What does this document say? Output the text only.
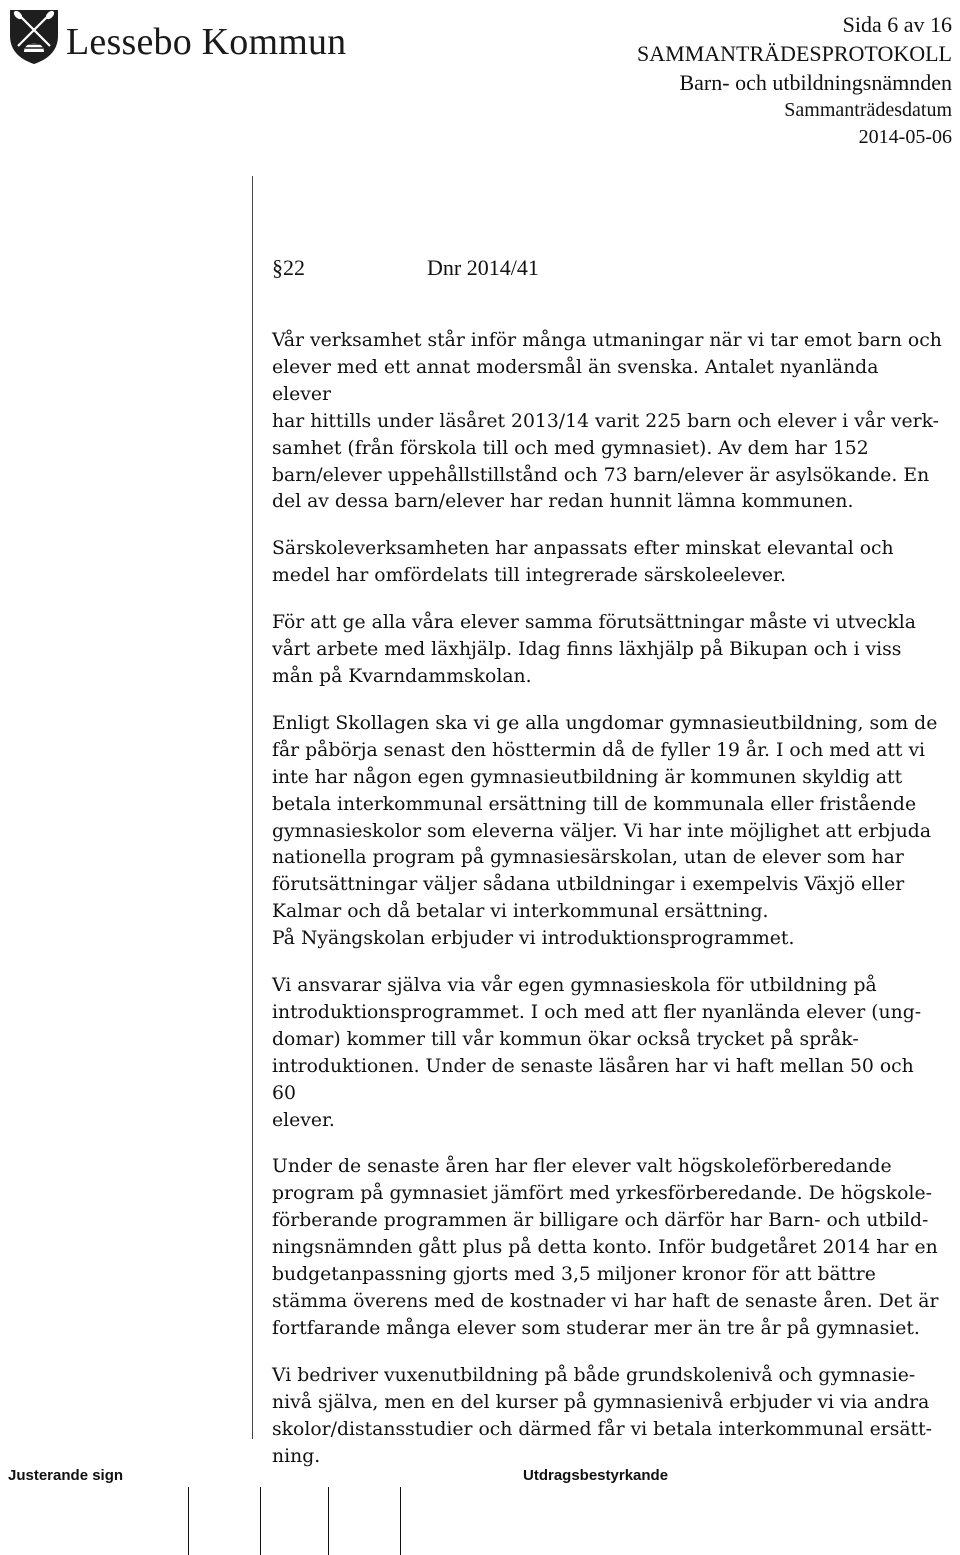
Lessebo Kommun	Sida 6 av 16
SAMMANTRÄDESPROTOKOLL
Barn- och utbildningsnämnden
Sammanträdesdatum
2014-05-06
§22	Dnr 2014/41

Vår verksamhet står inför många utmaningar när vi tar emot barn och
elever med ett annat modersmål än svenska. Antalet nyanlända elever
har hittills under läsåret 2013/14 varit 225 barn och elever i vår verk-
samhet (från förskola till och med gymnasiet). Av dem har 152
barn/elever uppehållstillstånd och 73 barn/elever är asylsökande. En
del av dessa barn/elever har redan hunnit lämna kommunen.

Särskoleverksamheten har anpassats efter minskat elevantal och
medel har omfördelats till integrerade särskoleelever.

För att ge alla våra elever samma förutsättningar måste vi utveckla
vårt arbete med läxhjälp. Idag finns läxhjälp på Bikupan och i viss
mån på Kvarndammskolan.

Enligt Skollagen ska vi ge alla ungdomar gymnasieutbildning, som de
får påbörja senast den hösttermin då de fyller 19 år. I och med att vi
inte har någon egen gymnasieutbildning är kommunen skyldig att
betala interkommunal ersättning till de kommunala eller fristående
gymnasieskolor som eleverna väljer. Vi har inte möjlighet att erbjuda
nationella program på gymnasiesärskolan, utan de elever som har
förutsättningar väljer sådana utbildningar i exempelvis Växjö eller
Kalmar och då betalar vi interkommunal ersättning.
På Nyängskolan erbjuder vi introduktionsprogrammet.

Vi ansvarar själva via vår egen gymnasieskola för utbildning på
introduktionsprogrammet. I och med att fler nyanlända elever (ung-
domar) kommer till vår kommun ökar också trycket på språk-
introduktionen. Under de senaste läsåren har vi haft mellan 50 och 60
elever.

Under de senaste åren har fler elever valt högskoleförberedande
program på gymnasiet jämfört med yrkesförberedande. De högskole-
förberande programmen är billigare och därför har Barn- och utbild-
ningsnämnden gått plus på detta konto. Inför budgetåret 2014 har en
budgetanpassning gjorts med 3,5 miljoner kronor för att bättre
stämma överens med de kostnader vi har haft de senaste åren. Det är
fortfarande många elever som studerar mer än tre år på gymnasiet.

Vi bedriver vuxenutbildning på både grundskolenivå och gymnasie-
nivå själva, men en del kurser på gymnasienivå erbjuder vi via andra
skolor/distansstudier och därmed får vi betala interkommunal ersätt-
ning.

Justerande sign	Utdragsbestyrkande
